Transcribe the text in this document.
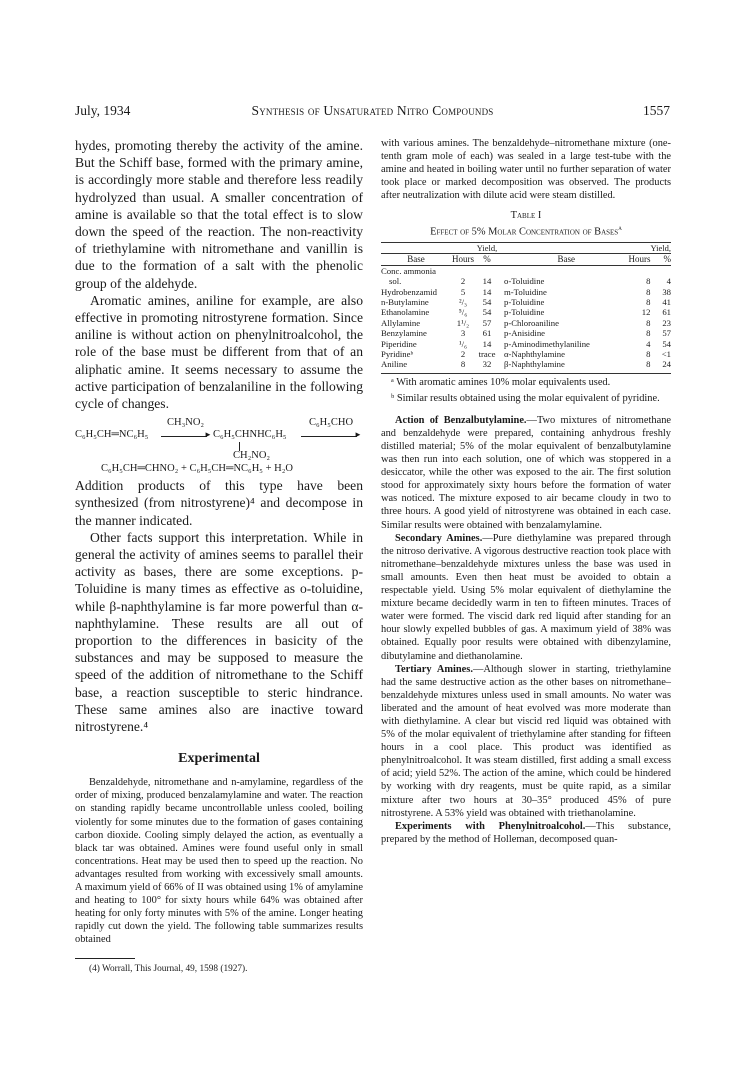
July, 1934	Synthesis of Unsaturated Nitro Compounds	1557

hydes, promoting thereby the activity of the amine. But the Schiff base, formed with the primary amine, is accordingly more stable and therefore less readily hydrolyzed than usual. A smaller concentration of amine is available so that the total effect is to slow down the speed of the reaction. The non-reactivity of triethylamine with nitromethane and vanillin is due to the formation of a salt with the phenolic group of the aldehyde.

Aromatic amines, aniline for example, are also effective in promoting nitrostyrene formation. Since aniline is without action on phenylnitroalcohol, the role of the base must be different from that of an aliphatic amine. It seems necessary to assume the active participation of benzalaniline in the following cycle of changes.

C₆H₅CH═NC₆H₅
CH₃NO₂
► C₆H₅CHNHC₆H₅
C₆H₅CHO
►
CH₂NO₂
C₆H₅CH═CHNO₂ + C₆H₅CH═NC₆H₅ + H₂O

Addition products of this type have been synthesized (from nitrostyrene)⁴ and decompose in the manner indicated.

Other facts support this interpretation. While in general the activity of amines seems to parallel their activity as bases, there are some exceptions. p-Toluidine is many times as effective as o-toluidine, while β-naphthylamine is far more powerful than α-naphthylamine. These results are all out of proportion to the differences in basicity of the substances and may be supposed to measure the speed of the addition of nitromethane to the Schiff base, a reaction susceptible to steric hindrance. These same amines also are inactive toward nitrostyrene.⁴

Experimental

Benzaldehyde, nitromethane and n-amylamine, regardless of the order of mixing, produced benzalamylamine and water. The reaction on standing rapidly became uncontrollable unless cooled, boiling violently for some minutes due to the formation of gases containing carbon dioxide. Cooling simply delayed the action, as eventually a black tar was obtained. Amines were found useful only in small concentrations. Heat may be used then to speed up the reaction. No advantages resulted from working with excessively small amounts. A maximum yield of 66% of II was obtained using 1% of amylamine and heating to 100° for sixty hours while 64% was obtained after heating for only forty minutes with 5% of the amine. Longer heating rapidly cut down the yield. The following table summarizes results obtained

(4) Worrall, This Journal, 49, 1598 (1927).

with various amines. The benzaldehyde–nitromethane mixture (one-tenth gram mole of each) was sealed in a large test-tube with the amine and heated in boiling water until no further separation of water took place or marked decomposition was observed. The products after neutralization with dilute acid were steam distilled.

Table I
Effect of 5% Molar Concentration of Bases$^a$
		Yield,			Yield,
Base	Hours	%	Base	Hours	%
Conc. ammonia					
sol.	2	14	o-Toluidine	8	4
Hydrobenzamid	5	14	m-Toluidine	8	38
n-Butylamine	²/₃	54	p-Toluidine	8	41
Ethanolamine	⁵/₆	54	p-Toluidine	12	61
Allylamine	1¹/₂	57	p-Chloroaniline	8	23
Benzylamine	3	61	p-Anisidine	8	57
Piperidine	¹/₆	14	p-Aminodimethylaniline	4	54
Pyridineᵇ	2	trace	α-Naphthylamine	8	<1
Aniline	8	32	β-Naphthylamine	8	24
ᵃ With aromatic amines 10% molar equivalents used.
ᵇ Similar results obtained using the molar equivalent of pyridine.

Action of Benzalbutylamine.—Two mixtures of nitromethane and benzaldehyde were prepared, containing anhydrous freshly distilled material; 5% of the molar equivalent of benzalbutylamine was then run into each solution, one of which was stoppered in a desiccator, while the other was exposed to the air. The first solution stood for approximately sixty hours before the formation of water was noticed. The mixture exposed to air became cloudy in two to three hours. A good yield of nitrostyrene was obtained in each case. Similar results were obtained with benzalamylamine.

Secondary Amines.—Pure diethylamine was prepared through the nitroso derivative. A vigorous destructive reaction took place with nitromethane–benzaldehyde mixtures unless the base was used in small amounts. Even then heat must be avoided to obtain a respectable yield. Using 5% molar equivalent of diethylamine the mixture became decidedly warm in ten to fifteen minutes. Traces of water were formed. The viscid dark red liquid after standing for an hour slowly expelled bubbles of gas. A maximum yield of 38% was obtained. Equally poor results were obtained with dibenzylamine, dibutylamine and diethanolamine.

Tertiary Amines.—Although slower in starting, triethylamine had the same destructive action as the other bases on nitromethane–benzaldehyde mixtures unless used in small amounts. No water was liberated and the amount of heat evolved was more moderate than with diethylamine. A clear but viscid red liquid was obtained with 5% of the molar equivalent of triethylamine after standing for fifteen hours in a cool place. This product was identified as phenylnitroalcohol. It was steam distilled, first adding a small excess of acid; yield 52%. The action of the amine, which could be hindered by working with dry reagents, must be quite rapid, as a similar mixture after two hours at 30–35° produced 45% of pure nitrostyrene. A 53% yield was obtained with triethanolamine.

Experiments with Phenylnitroalcohol.—This substance, prepared by the method of Holleman, decomposed quan-
